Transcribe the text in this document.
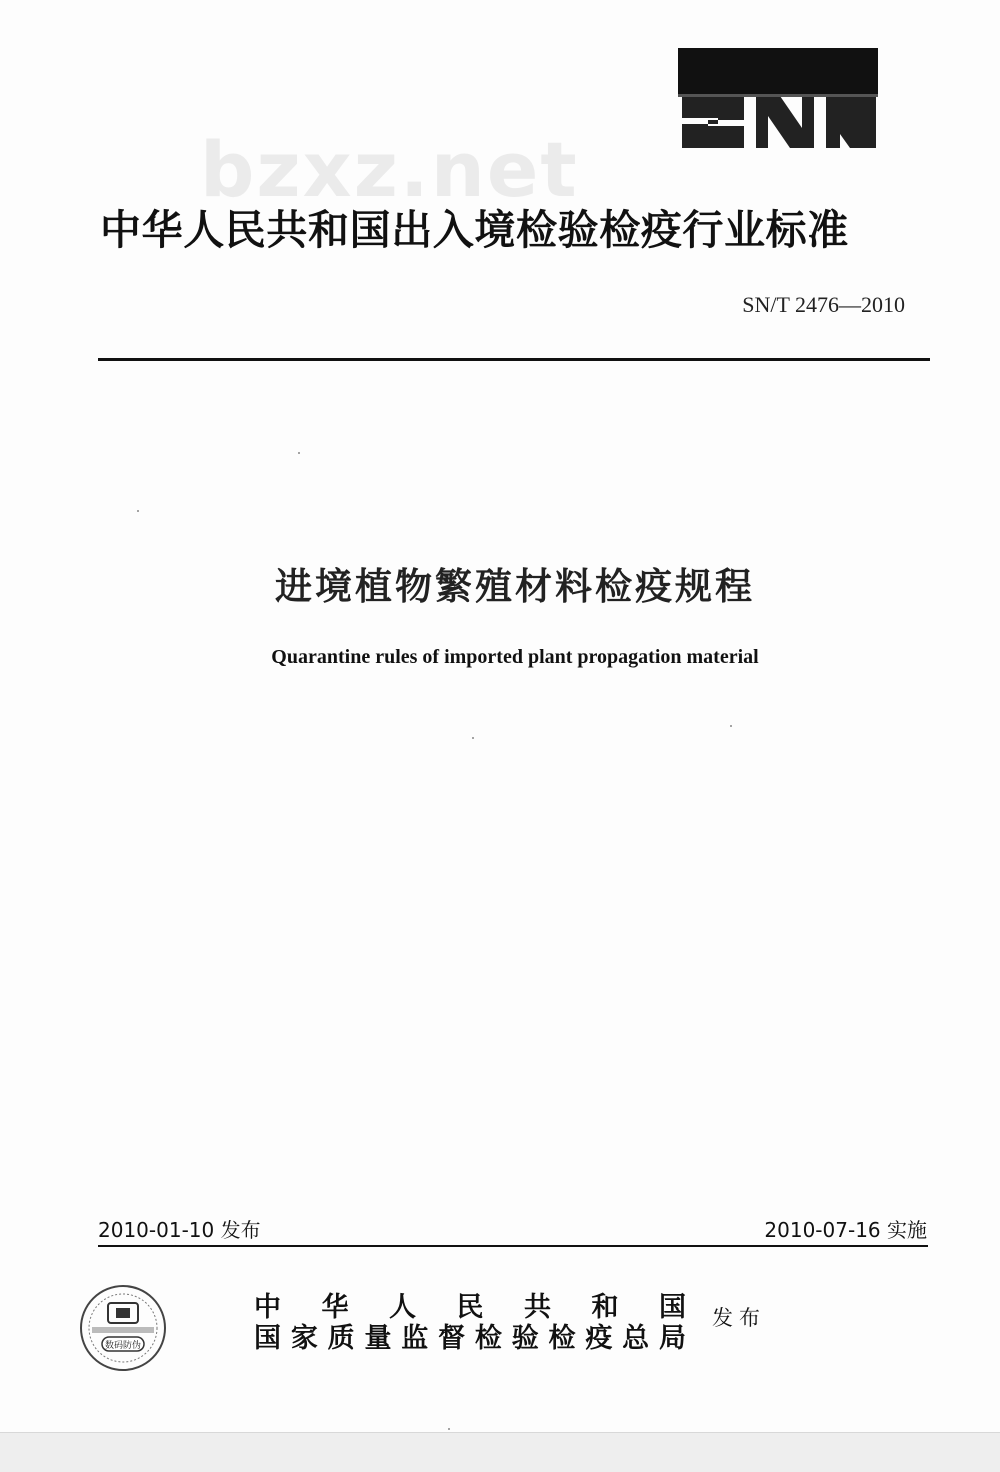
bzxz.net
中华人民共和国出入境检验检疫行业标准
SN/T 2476—2010
进境植物繁殖材料检疫规程
Quarantine rules of imported plant propagation material
2010-01-10 发布	2010-07-16 实施
数码防伪
中华人民共和国
国家质量监督检验检疫总局
发布
